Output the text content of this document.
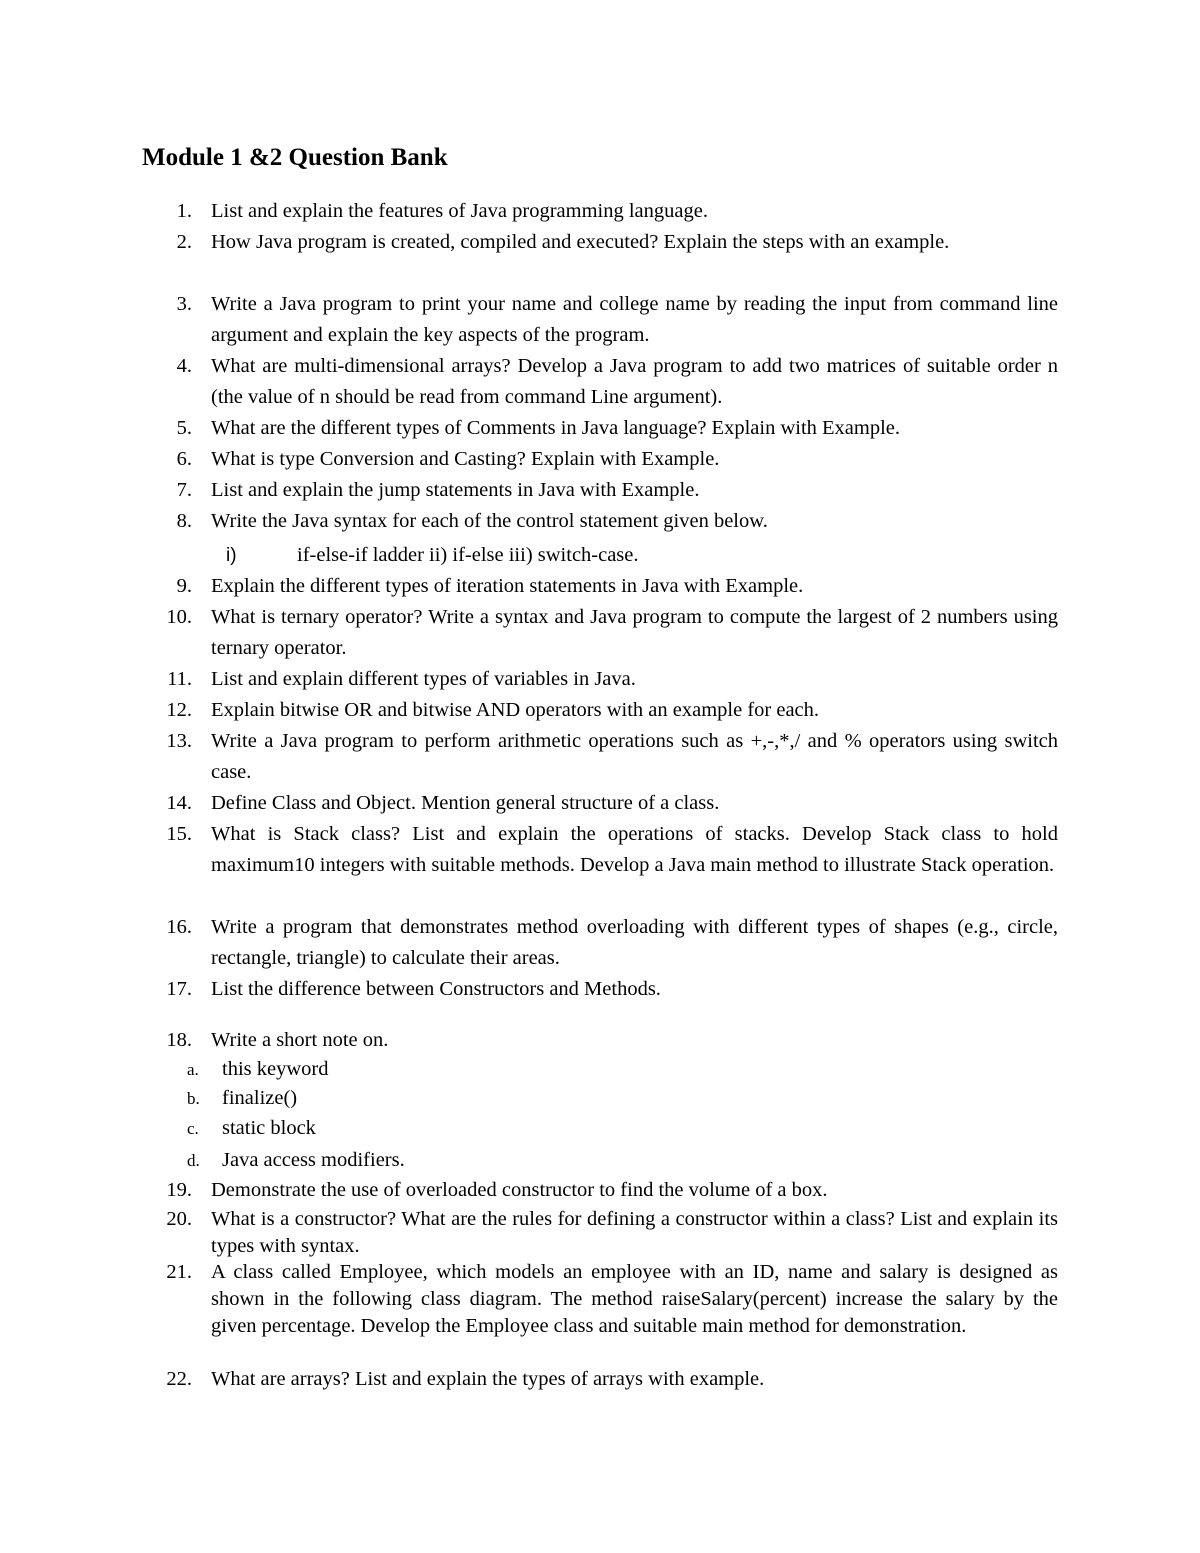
Module 1 &2 Question Bank
1. List and explain the features of Java programming language.
2. How Java program is created, compiled and executed? Explain the steps with an example.
3. Write a Java program to print your name and college name by reading the input from command line argument and explain the key aspects of the program.
4. What are multi-dimensional arrays? Develop a Java program to add two matrices of suitable order n (the value of n should be read from command Line argument).
5. What are the different types of Comments in Java language? Explain with Example.
6. What is type Conversion and Casting? Explain with Example.
7. List and explain the jump statements in Java with Example.
8. Write the Java syntax for each of the control statement given below.
i)	if-else-if ladder ii) if-else iii) switch-case.
9. Explain the different types of iteration statements in Java with Example.
10. What is ternary operator? Write a syntax and Java program to compute the largest of 2 numbers using ternary operator.
11. List and explain different types of variables in Java.
12. Explain bitwise OR and bitwise AND operators with an example for each.
13. Write a Java program to perform arithmetic operations such as +,-,*,/ and % operators using switch case.
14. Define Class and Object. Mention general structure of a class.
15. What is Stack class? List and explain the operations of stacks. Develop Stack class to hold maximum10 integers with suitable methods. Develop a Java main method to illustrate Stack operation.
16. Write a program that demonstrates method overloading with different types of shapes (e.g., circle, rectangle, triangle) to calculate their areas.
17. List the difference between Constructors and Methods.
18. Write a short note on.
a. this keyword
b. finalize()
c. static block
d. Java access modifiers.
19. Demonstrate the use of overloaded constructor to find the volume of a box.
20. What is a constructor? What are the rules for defining a constructor within a class? List and explain its types with syntax.
21. A class called Employee, which models an employee with an ID, name and salary is designed as shown in the following class diagram. The method raiseSalary(percent) increase the salary by the given percentage. Develop the Employee class and suitable main method for demonstration.
22. What are arrays? List and explain the types of arrays with example.
